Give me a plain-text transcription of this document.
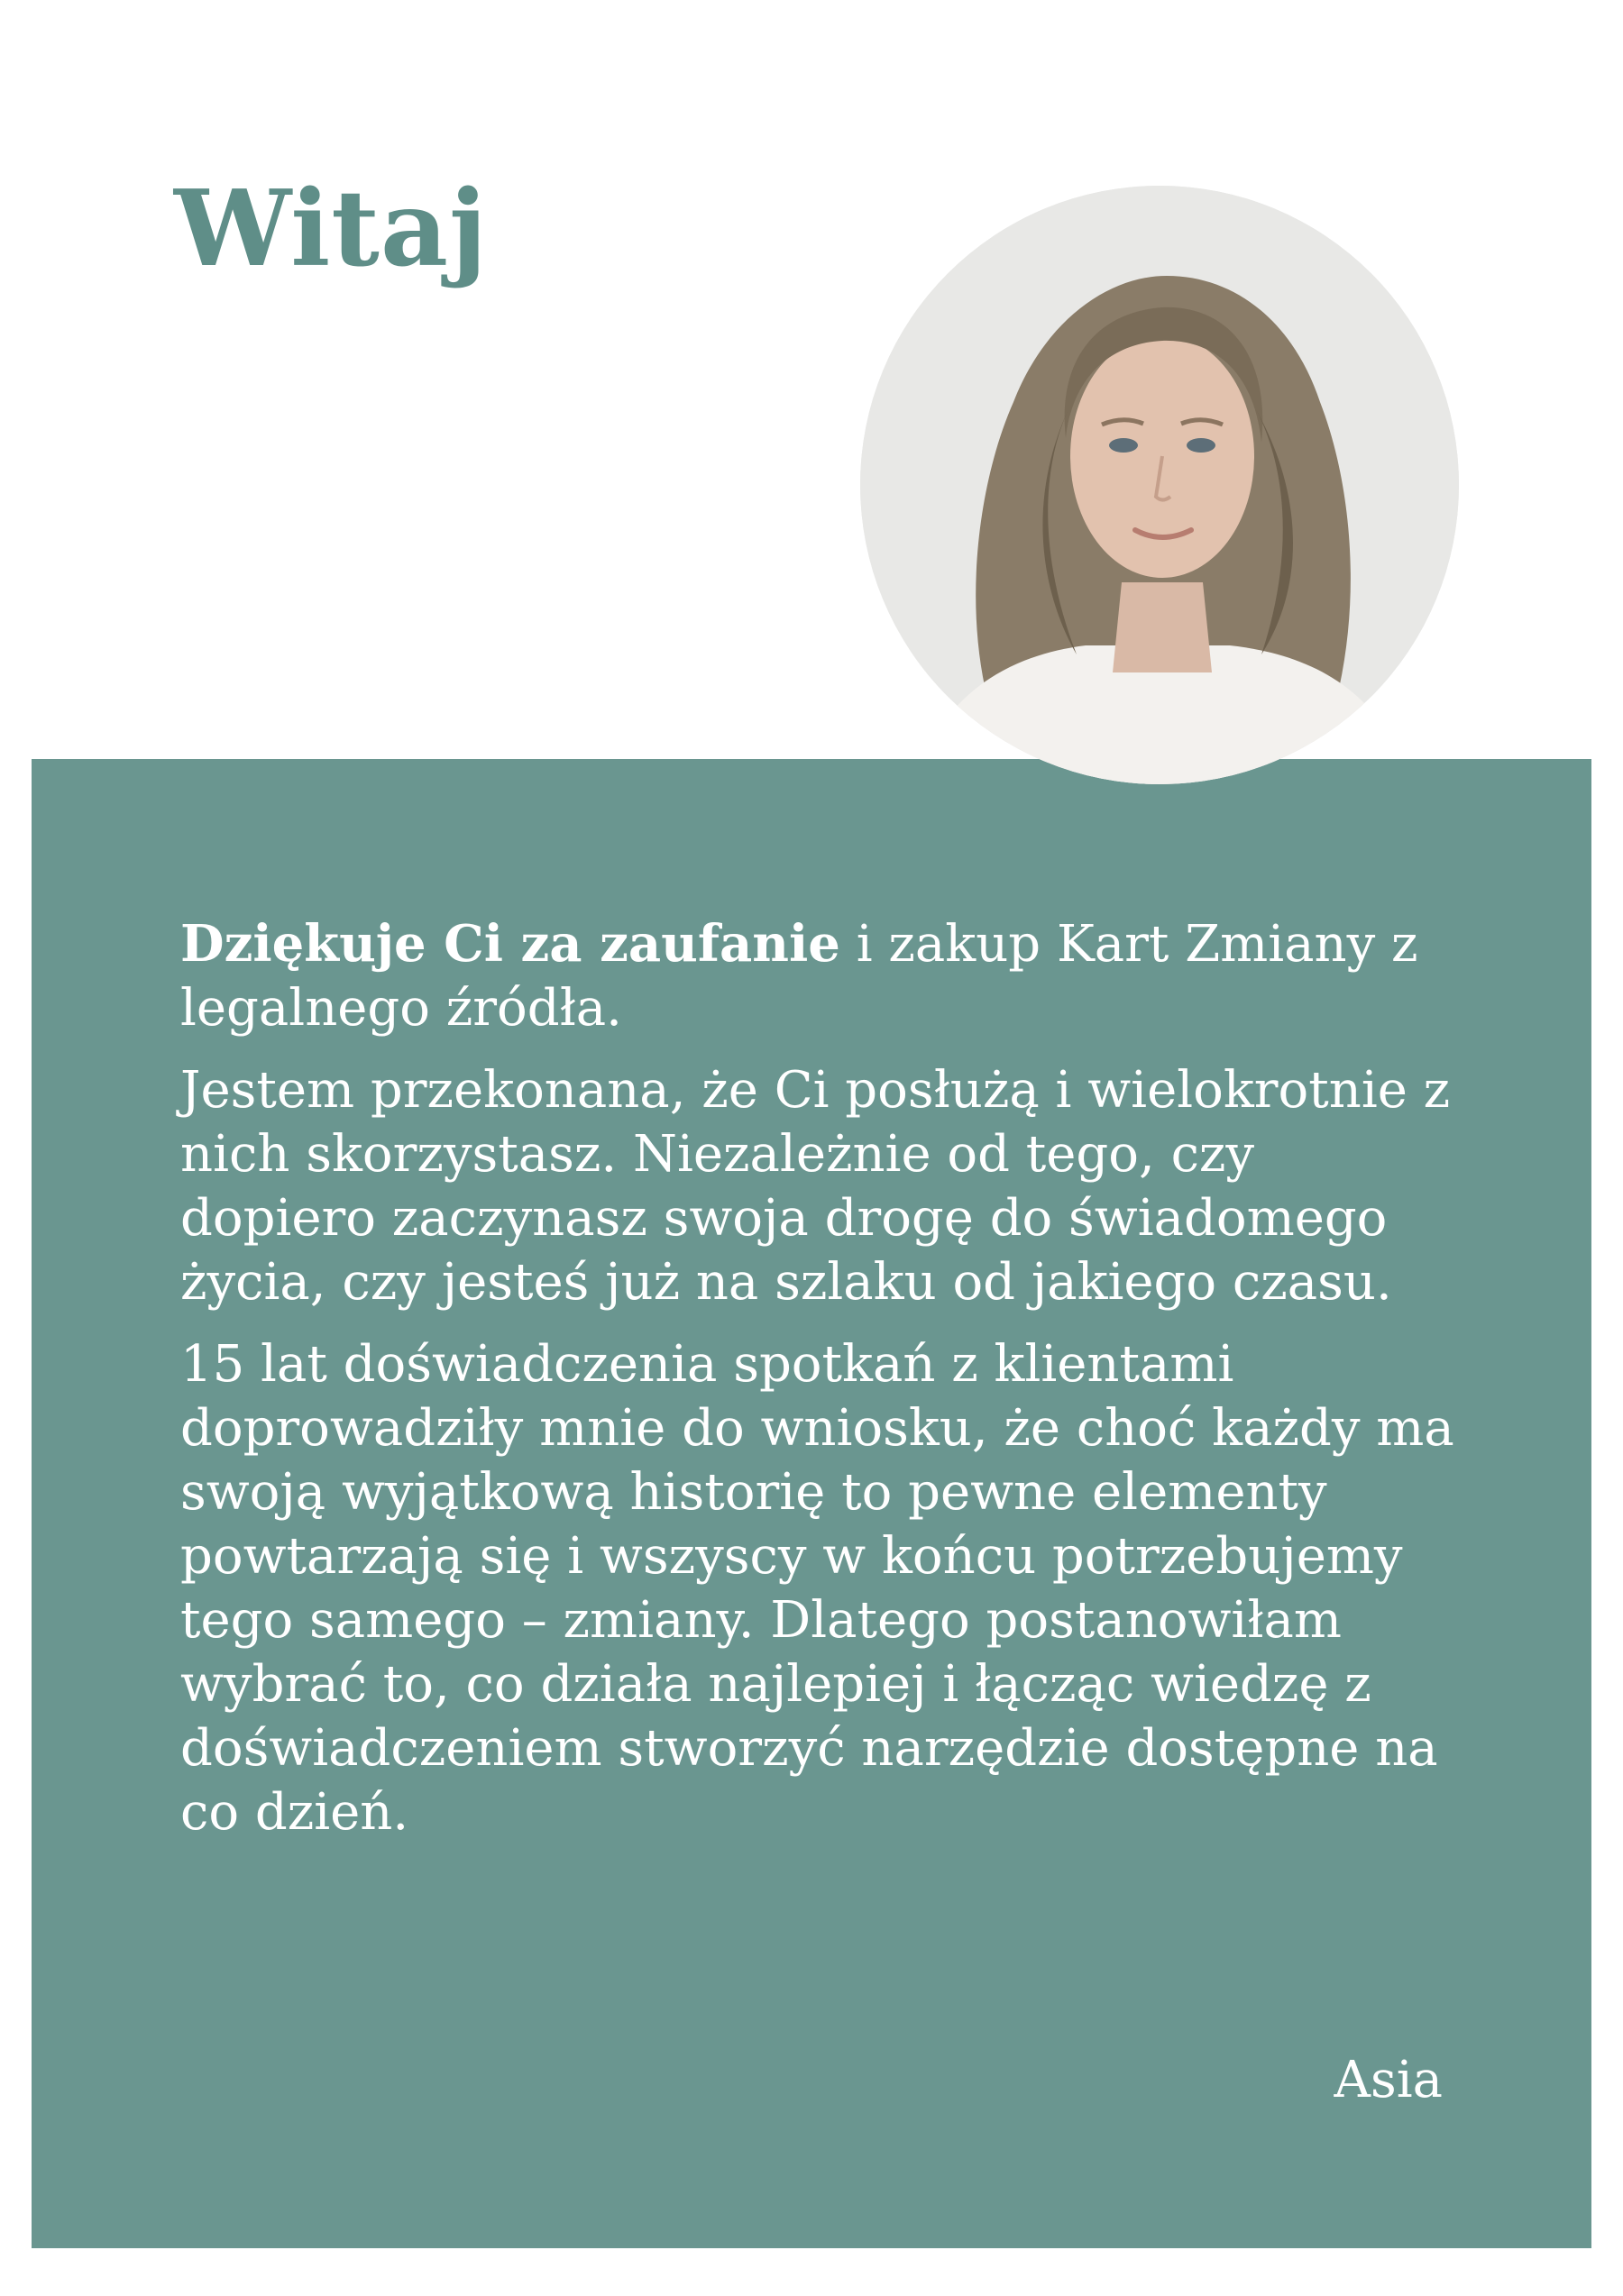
Witaj

Dziękuje Ci za zaufanie i zakup Kart Zmiany z legalnego źródła.

Jestem przekonana, że Ci posłużą i wielokrotnie z nich skorzystasz. Niezależnie od tego, czy dopiero zaczynasz swoja drogę do świadomego życia, czy jesteś już na szlaku od jakiego czasu.

15 lat doświadczenia spotkań z klientami doprowadziły mnie do wniosku, że choć każdy ma swoją wyjątkową historię to pewne elementy powtarzają się i wszyscy w końcu potrzebujemy tego samego – zmiany. Dlatego postanowiłam wybrać to, co działa najlepiej i łącząc wiedzę z doświadczeniem stworzyć narzędzie dostępne na co dzień.

Asia
